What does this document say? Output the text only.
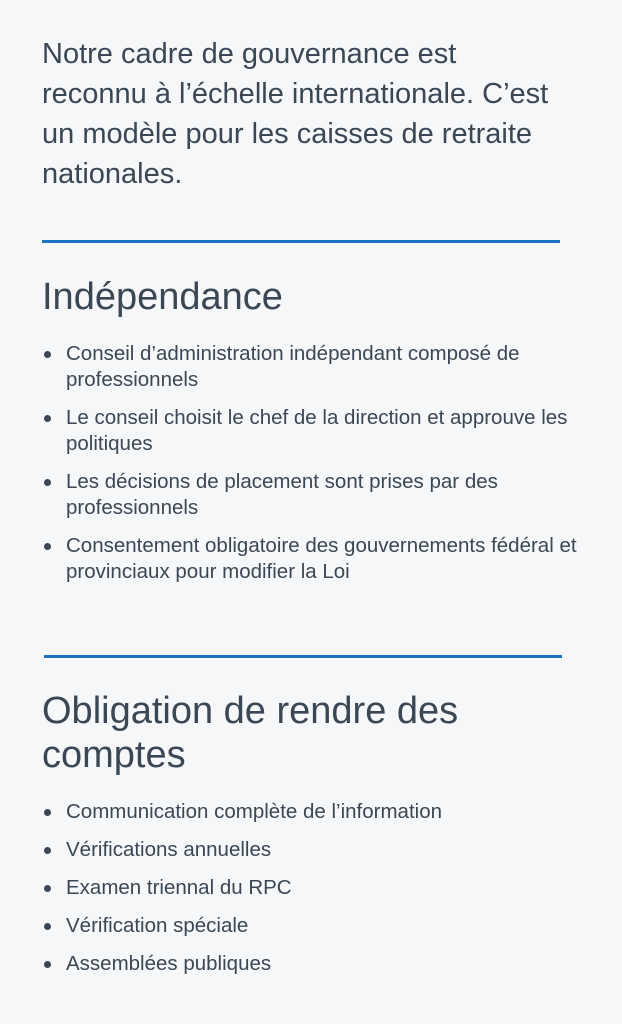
Notre cadre de gouvernance est reconnu à l’échelle internationale. C’est un modèle pour les caisses de retraite nationales.

Indépendance
Conseil d’administration indépendant composé de professionnels
Le conseil choisit le chef de la direction et approuve les politiques
Les décisions de placement sont prises par des professionnels
Consentement obligatoire des gouvernements fédéral et provinciaux pour modifier la Loi
Obligation de rendre des comptes
Communication complète de l’information
Vérifications annuelles
Examen triennal du RPC
Vérification spéciale
Assemblées publiques
